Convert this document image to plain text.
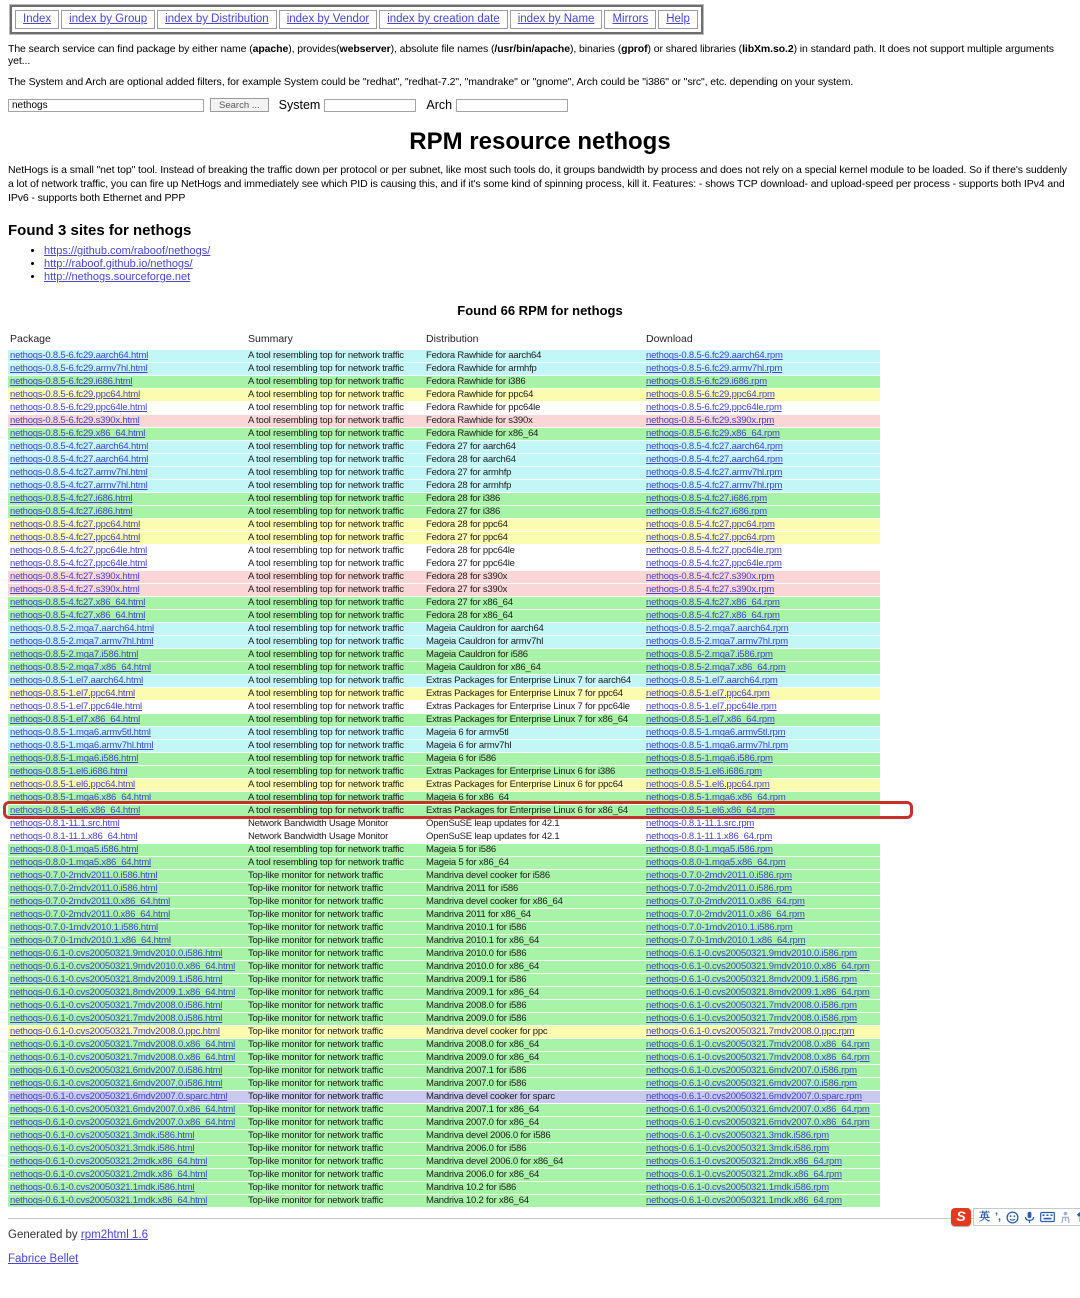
Index	index by Group	index by Distribution	index by Vendor	index by creation date	index by Name	Mirrors	Help

The search service can find package by either name (apache), provides(webserver), absolute file names (/usr/bin/apache), binaries (gprof) or shared libraries (libXm.so.2) in standard path. It does not support multiple arguments yet...

The System and Arch are optional added filters, for example System could be "redhat", "redhat-7.2", "mandrake" or "gnome", Arch could be "i386" or "src", etc. depending on your system.

nethogs
Search ...	System	Arch
RPM resource nethogs

NetHogs is a small "net top" tool. Instead of breaking the traffic down per protocol or per subnet, like most such tools do, it groups bandwidth by process and does not rely on a special kernel module to be loaded. So if there's suddenly a lot of network traffic, you can fire up NetHogs and immediately see which PID is causing this, and if it's some kind of spinning process, kill it. Features: - shows TCP download- and upload-speed per process - supports both IPv4 and IPv6 - supports both Ethernet and PPP

Found 3 sites for nethogs
• https://github.com/raboof/nethogs/
• http://raboof.github.io/nethogs/
• http://nethogs.sourceforge.net
Found 66 RPM for nethogs
Package	Summary	Distribution	Download
nethogs-0.8.5-6.fc29.aarch64.html	A tool resembling top for network traffic	Fedora Rawhide for aarch64	nethogs-0.8.5-6.fc29.aarch64.rpm
nethogs-0.8.5-6.fc29.armv7hl.html	A tool resembling top for network traffic	Fedora Rawhide for armhfp	nethogs-0.8.5-6.fc29.armv7hl.rpm
nethogs-0.8.5-6.fc29.i686.html	A tool resembling top for network traffic	Fedora Rawhide for i386	nethogs-0.8.5-6.fc29.i686.rpm
nethogs-0.8.5-6.fc29.ppc64.html	A tool resembling top for network traffic	Fedora Rawhide for ppc64	nethogs-0.8.5-6.fc29.ppc64.rpm
nethogs-0.8.5-6.fc29.ppc64le.html	A tool resembling top for network traffic	Fedora Rawhide for ppc64le	nethogs-0.8.5-6.fc29.ppc64le.rpm
nethogs-0.8.5-6.fc29.s390x.html	A tool resembling top for network traffic	Fedora Rawhide for s390x	nethogs-0.8.5-6.fc29.s390x.rpm
nethogs-0.8.5-6.fc29.x86_64.html	A tool resembling top for network traffic	Fedora Rawhide for x86_64	nethogs-0.8.5-6.fc29.x86_64.rpm
nethogs-0.8.5-4.fc27.aarch64.html	A tool resembling top for network traffic	Fedora 27 for aarch64	nethogs-0.8.5-4.fc27.aarch64.rpm
nethogs-0.8.5-4.fc27.aarch64.html	A tool resembling top for network traffic	Fedora 28 for aarch64	nethogs-0.8.5-4.fc27.aarch64.rpm
nethogs-0.8.5-4.fc27.armv7hl.html	A tool resembling top for network traffic	Fedora 27 for armhfp	nethogs-0.8.5-4.fc27.armv7hl.rpm
nethogs-0.8.5-4.fc27.armv7hl.html	A tool resembling top for network traffic	Fedora 28 for armhfp	nethogs-0.8.5-4.fc27.armv7hl.rpm
nethogs-0.8.5-4.fc27.i686.html	A tool resembling top for network traffic	Fedora 28 for i386	nethogs-0.8.5-4.fc27.i686.rpm
nethogs-0.8.5-4.fc27.i686.html	A tool resembling top for network traffic	Fedora 27 for i386	nethogs-0.8.5-4.fc27.i686.rpm
nethogs-0.8.5-4.fc27.ppc64.html	A tool resembling top for network traffic	Fedora 28 for ppc64	nethogs-0.8.5-4.fc27.ppc64.rpm
nethogs-0.8.5-4.fc27.ppc64.html	A tool resembling top for network traffic	Fedora 27 for ppc64	nethogs-0.8.5-4.fc27.ppc64.rpm
nethogs-0.8.5-4.fc27.ppc64le.html	A tool resembling top for network traffic	Fedora 28 for ppc64le	nethogs-0.8.5-4.fc27.ppc64le.rpm
nethogs-0.8.5-4.fc27.ppc64le.html	A tool resembling top for network traffic	Fedora 27 for ppc64le	nethogs-0.8.5-4.fc27.ppc64le.rpm
nethogs-0.8.5-4.fc27.s390x.html	A tool resembling top for network traffic	Fedora 28 for s390x	nethogs-0.8.5-4.fc27.s390x.rpm
nethogs-0.8.5-4.fc27.s390x.html	A tool resembling top for network traffic	Fedora 27 for s390x	nethogs-0.8.5-4.fc27.s390x.rpm
nethogs-0.8.5-4.fc27.x86_64.html	A tool resembling top for network traffic	Fedora 27 for x86_64	nethogs-0.8.5-4.fc27.x86_64.rpm
nethogs-0.8.5-4.fc27.x86_64.html	A tool resembling top for network traffic	Fedora 28 for x86_64	nethogs-0.8.5-4.fc27.x86_64.rpm
nethogs-0.8.5-2.mga7.aarch64.html	A tool resembling top for network traffic	Mageia Cauldron for aarch64	nethogs-0.8.5-2.mga7.aarch64.rpm
nethogs-0.8.5-2.mga7.armv7hl.html	A tool resembling top for network traffic	Mageia Cauldron for armv7hl	nethogs-0.8.5-2.mga7.armv7hl.rpm
nethogs-0.8.5-2.mga7.i586.html	A tool resembling top for network traffic	Mageia Cauldron for i586	nethogs-0.8.5-2.mga7.i586.rpm
nethogs-0.8.5-2.mga7.x86_64.html	A tool resembling top for network traffic	Mageia Cauldron for x86_64	nethogs-0.8.5-2.mga7.x86_64.rpm
nethogs-0.8.5-1.el7.aarch64.html	A tool resembling top for network traffic	Extras Packages for Enterprise Linux 7 for aarch64	nethogs-0.8.5-1.el7.aarch64.rpm
nethogs-0.8.5-1.el7.ppc64.html	A tool resembling top for network traffic	Extras Packages for Enterprise Linux 7 for ppc64	nethogs-0.8.5-1.el7.ppc64.rpm
nethogs-0.8.5-1.el7.ppc64le.html	A tool resembling top for network traffic	Extras Packages for Enterprise Linux 7 for ppc64le	nethogs-0.8.5-1.el7.ppc64le.rpm
nethogs-0.8.5-1.el7.x86_64.html	A tool resembling top for network traffic	Extras Packages for Enterprise Linux 7 for x86_64	nethogs-0.8.5-1.el7.x86_64.rpm
nethogs-0.8.5-1.mga6.armv5tl.html	A tool resembling top for network traffic	Mageia 6 for armv5tl	nethogs-0.8.5-1.mga6.armv5tl.rpm
nethogs-0.8.5-1.mga6.armv7hl.html	A tool resembling top for network traffic	Mageia 6 for armv7hl	nethogs-0.8.5-1.mga6.armv7hl.rpm
nethogs-0.8.5-1.mga6.i586.html	A tool resembling top for network traffic	Mageia 6 for i586	nethogs-0.8.5-1.mga6.i586.rpm
nethogs-0.8.5-1.el6.i686.html	A tool resembling top for network traffic	Extras Packages for Enterprise Linux 6 for i386	nethogs-0.8.5-1.el6.i686.rpm
nethogs-0.8.5-1.el6.ppc64.html	A tool resembling top for network traffic	Extras Packages for Enterprise Linux 6 for ppc64	nethogs-0.8.5-1.el6.ppc64.rpm
nethogs-0.8.5-1.mga6.x86_64.html	A tool resembling top for network traffic	Mageia 6 for x86_64	nethogs-0.8.5-1.mga6.x86_64.rpm
nethogs-0.8.5-1.el6.x86_64.html	A tool resembling top for network traffic	Extras Packages for Enterprise Linux 6 for x86_64	nethogs-0.8.5-1.el6.x86_64.rpm
nethogs-0.8.1-11.1.src.html	Network Bandwidth Usage Monitor	OpenSuSE leap updates for 42.1	nethogs-0.8.1-11.1.src.rpm
nethogs-0.8.1-11.1.x86_64.html	Network Bandwidth Usage Monitor	OpenSuSE leap updates for 42.1	nethogs-0.8.1-11.1.x86_64.rpm
nethogs-0.8.0-1.mga5.i586.html	A tool resembling top for network traffic	Mageia 5 for i586	nethogs-0.8.0-1.mga5.i586.rpm
nethogs-0.8.0-1.mga5.x86_64.html	A tool resembling top for network traffic	Mageia 5 for x86_64	nethogs-0.8.0-1.mga5.x86_64.rpm
nethogs-0.7.0-2mdv2011.0.i586.html	Top-like monitor for network traffic	Mandriva devel cooker for i586	nethogs-0.7.0-2mdv2011.0.i586.rpm
nethogs-0.7.0-2mdv2011.0.i586.html	Top-like monitor for network traffic	Mandriva 2011 for i586	nethogs-0.7.0-2mdv2011.0.i586.rpm
nethogs-0.7.0-2mdv2011.0.x86_64.html	Top-like monitor for network traffic	Mandriva devel cooker for x86_64	nethogs-0.7.0-2mdv2011.0.x86_64.rpm
nethogs-0.7.0-2mdv2011.0.x86_64.html	Top-like monitor for network traffic	Mandriva 2011 for x86_64	nethogs-0.7.0-2mdv2011.0.x86_64.rpm
nethogs-0.7.0-1mdv2010.1.i586.html	Top-like monitor for network traffic	Mandriva 2010.1 for i586	nethogs-0.7.0-1mdv2010.1.i586.rpm
nethogs-0.7.0-1mdv2010.1.x86_64.html	Top-like monitor for network traffic	Mandriva 2010.1 for x86_64	nethogs-0.7.0-1mdv2010.1.x86_64.rpm
nethogs-0.6.1-0.cvs20050321.9mdv2010.0.i586.html	Top-like monitor for network traffic	Mandriva 2010.0 for i586	nethogs-0.6.1-0.cvs20050321.9mdv2010.0.i586.rpm
nethogs-0.6.1-0.cvs20050321.9mdv2010.0.x86_64.html	Top-like monitor for network traffic	Mandriva 2010.0 for x86_64	nethogs-0.6.1-0.cvs20050321.9mdv2010.0.x86_64.rpm
nethogs-0.6.1-0.cvs20050321.8mdv2009.1.i586.html	Top-like monitor for network traffic	Mandriva 2009.1 for i586	nethogs-0.6.1-0.cvs20050321.8mdv2009.1.i586.rpm
nethogs-0.6.1-0.cvs20050321.8mdv2009.1.x86_64.html	Top-like monitor for network traffic	Mandriva 2009.1 for x86_64	nethogs-0.6.1-0.cvs20050321.8mdv2009.1.x86_64.rpm
nethogs-0.6.1-0.cvs20050321.7mdv2008.0.i586.html	Top-like monitor for network traffic	Mandriva 2008.0 for i586	nethogs-0.6.1-0.cvs20050321.7mdv2008.0.i586.rpm
nethogs-0.6.1-0.cvs20050321.7mdv2008.0.i586.html	Top-like monitor for network traffic	Mandriva 2009.0 for i586	nethogs-0.6.1-0.cvs20050321.7mdv2008.0.i586.rpm
nethogs-0.6.1-0.cvs20050321.7mdv2008.0.ppc.html	Top-like monitor for network traffic	Mandriva devel cooker for ppc	nethogs-0.6.1-0.cvs20050321.7mdv2008.0.ppc.rpm
nethogs-0.6.1-0.cvs20050321.7mdv2008.0.x86_64.html	Top-like monitor for network traffic	Mandriva 2008.0 for x86_64	nethogs-0.6.1-0.cvs20050321.7mdv2008.0.x86_64.rpm
nethogs-0.6.1-0.cvs20050321.7mdv2008.0.x86_64.html	Top-like monitor for network traffic	Mandriva 2009.0 for x86_64	nethogs-0.6.1-0.cvs20050321.7mdv2008.0.x86_64.rpm
nethogs-0.6.1-0.cvs20050321.6mdv2007.0.i586.html	Top-like monitor for network traffic	Mandriva 2007.1 for i586	nethogs-0.6.1-0.cvs20050321.6mdv2007.0.i586.rpm
nethogs-0.6.1-0.cvs20050321.6mdv2007.0.i586.html	Top-like monitor for network traffic	Mandriva 2007.0 for i586	nethogs-0.6.1-0.cvs20050321.6mdv2007.0.i586.rpm
nethogs-0.6.1-0.cvs20050321.6mdv2007.0.sparc.html	Top-like monitor for network traffic	Mandriva devel cooker for sparc	nethogs-0.6.1-0.cvs20050321.6mdv2007.0.sparc.rpm
nethogs-0.6.1-0.cvs20050321.6mdv2007.0.x86_64.html	Top-like monitor for network traffic	Mandriva 2007.1 for x86_64	nethogs-0.6.1-0.cvs20050321.6mdv2007.0.x86_64.rpm
nethogs-0.6.1-0.cvs20050321.6mdv2007.0.x86_64.html	Top-like monitor for network traffic	Mandriva 2007.0 for x86_64	nethogs-0.6.1-0.cvs20050321.6mdv2007.0.x86_64.rpm
nethogs-0.6.1-0.cvs20050321.3mdk.i586.html	Top-like monitor for network traffic	Mandriva devel 2006.0 for i586	nethogs-0.6.1-0.cvs20050321.3mdk.i586.rpm
nethogs-0.6.1-0.cvs20050321.3mdk.i586.html	Top-like monitor for network traffic	Mandriva 2006.0 for i586	nethogs-0.6.1-0.cvs20050321.3mdk.i586.rpm
nethogs-0.6.1-0.cvs20050321.2mdk.x86_64.html	Top-like monitor for network traffic	Mandriva devel 2006.0 for x86_64	nethogs-0.6.1-0.cvs20050321.2mdk.x86_64.rpm
nethogs-0.6.1-0.cvs20050321.2mdk.x86_64.html	Top-like monitor for network traffic	Mandriva 2006.0 for x86_64	nethogs-0.6.1-0.cvs20050321.2mdk.x86_64.rpm
nethogs-0.6.1-0.cvs20050321.1mdk.i586.html	Top-like monitor for network traffic	Mandriva 10.2 for i586	nethogs-0.6.1-0.cvs20050321.1mdk.i586.rpm
nethogs-0.6.1-0.cvs20050321.1mdk.x86_64.html	Top-like monitor for network traffic	Mandriva 10.2 for x86_64	nethogs-0.6.1-0.cvs20050321.1mdk.x86_64.rpm

Generated by rpm2html 1.6

Fabrice Bellet

S	英 ’,
